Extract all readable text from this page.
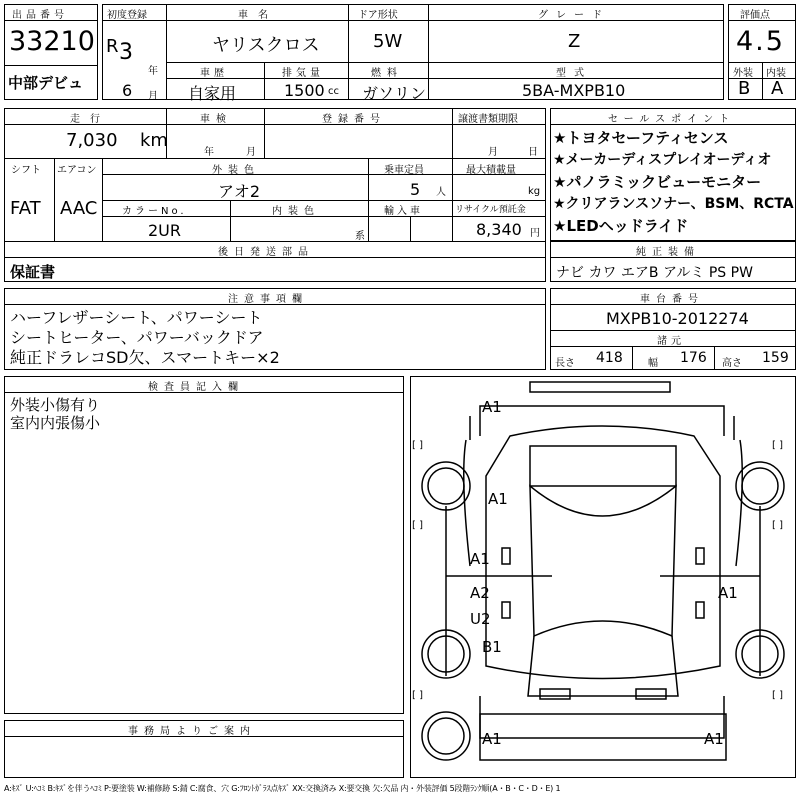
出品番号
33210
中部デビュ
初度登録
R 3
年
6 月
車名
ヤリスクロス
車歴
自家用
排気量
1500 cc
ドア形状
5W
燃料
ガソリン
グレード
Z
型式
5BA-MXPB10
評価点
4.5
外装 内装
B A
走行
7,030 km
車検
年	月
登録番号	譲渡書類期限
月	日
シフト エアコン
FAT AAC
外装色
アオ2
乗車定員
5 人
最大積載量
kg
カラーNo.
2UR
内装色
系
輸入車	リサイクル預託金
8,340 円
後日発送部品
保証書
セールスポイント
★トヨタセーフティセンス
★メーカーディスプレイオーディオ
★パノラミックビューモニター
★クリアランスソナー、BSM、RCTA
★LEDヘッドライド
純正装備
ナビ カワ エアB アルミ PS PW
注意事項欄
ハーフレザーシート、パワーシート
シートヒーター、パワーバックドア
純正ドラレコSD欠、スマートキー×2
車台番号
MXPB10-2012274
諸元
長さ 418	幅 176 高さ 159
検査員記入欄
外装小傷有り
室内内張傷小
事務局よりご案内
A1
A1
A1
A2
U2
A1
B1
A1	A1
[ ]	[ ]
[ ]	[ ]
[ ]	[ ]
A:ｷｽﾞ U:ﾍｺﾐ B:ｷｽﾞを伴うﾍｺﾐ P:要塗装 W:補修跡 S:錆 C:腐食、穴 G:ﾌﾛﾝﾄｶﾞﾗｽ点ｷｽﾞ XX:交換済み X:要交換 欠:欠品 内・外装評価 5段階ﾗﾝｸ順(A・B・C・D・E) 1
